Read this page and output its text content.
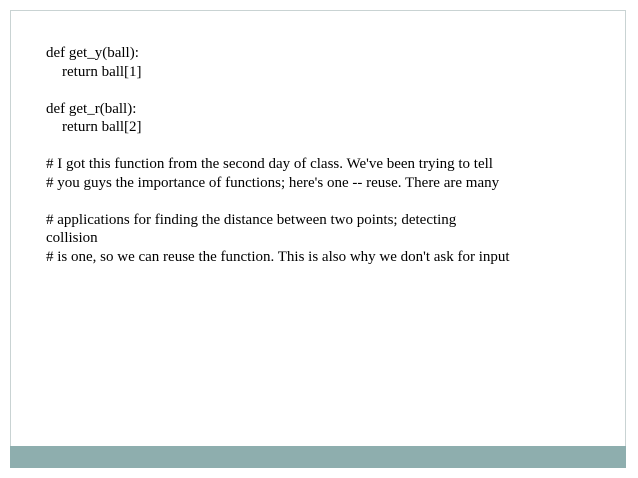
def get_y(ball):
return ball[1]
def get_r(ball):
return ball[2]
# I got this function from the second day of class. We've been trying to tell
# you guys the importance of functions; here's one -- reuse. There are many
# applications for finding the distance between two points; detecting
collision
# is one, so we can reuse the function. This is also why we don't ask for input
